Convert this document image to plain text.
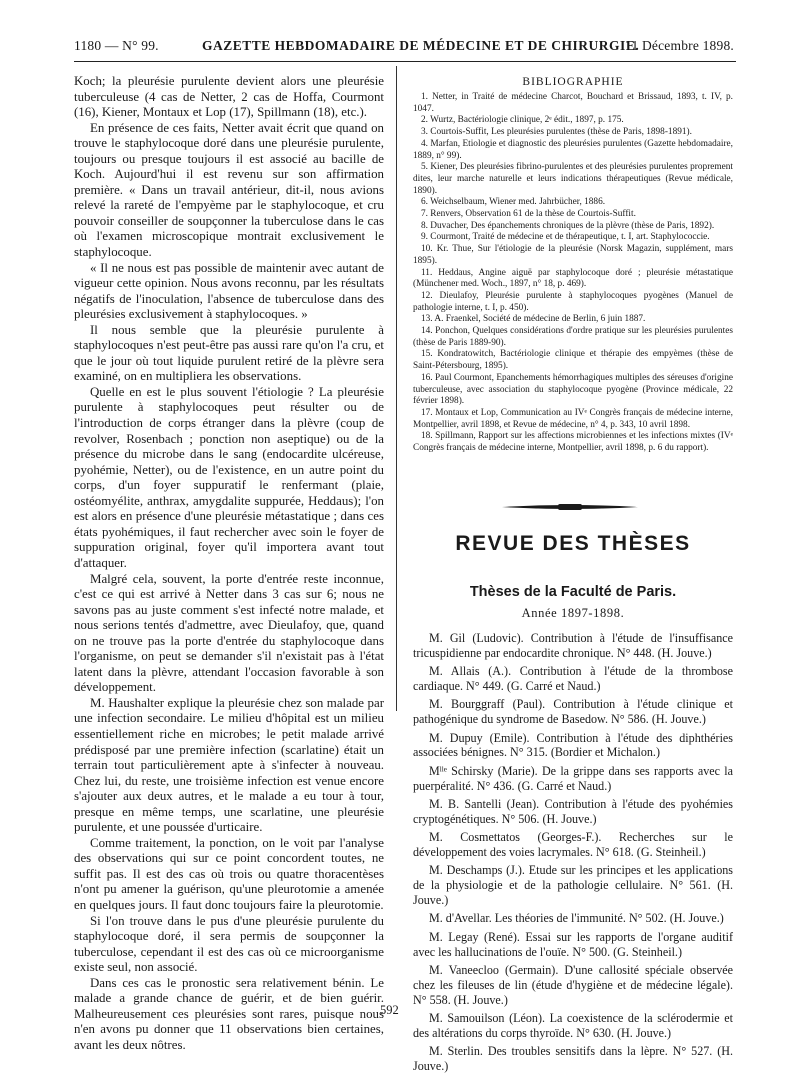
1180 — N° 99.	GAZETTE HEBDOMADAIRE DE MÉDECINE ET DE CHIRURGIE.
11 Décembre 1898.

Koch; la pleurésie purulente devient alors une pleurésie tuberculeuse (4 cas de Netter, 2 cas de Hoffa, Courmont (16), Kiener, Montaux et Lop (17), Spillmann (18), etc.).

En présence de ces faits, Netter avait écrit que quand on trouve le staphylocoque doré dans une pleurésie purulente, toujours ou presque toujours il est associé au bacille de Koch. Aujourd'hui il est revenu sur son affirmation première. « Dans un travail antérieur, dit-il, nous avions relevé la rareté de l'empyème par le staphylocoque, et cru pouvoir conseiller de soupçonner la tuberculose dans le cas où l'examen microscopique montrait exclusivement le staphylocoque.

« Il ne nous est pas possible de maintenir avec autant de vigueur cette opinion. Nous avons reconnu, par les résultats négatifs de l'inoculation, l'absence de tuberculose dans des pleurésies exclusivement à staphylocoques. »

Il nous semble que la pleurésie purulente à staphylocoques n'est peut-être pas aussi rare qu'on l'a cru, et que le jour où tout liquide purulent retiré de la plèvre sera examiné, on en multipliera les observations.

Quelle en est le plus souvent l'étiologie ? La pleurésie purulente à staphylocoques peut résulter ou de l'introduction de corps étranger dans la plèvre (coup de revolver, Rosenbach ; ponction non aseptique) ou de la présence du microbe dans le sang (endocardite ulcéreuse, pyohémie, Netter), ou de l'existence, en un autre point du corps, d'un foyer suppuratif le renfermant (plaie, ostéomyélite, anthrax, amygdalite suppurée, Heddaus); l'on est alors en présence d'une pleurésie métastatique ; dans ces états pyohémiques, il faut rechercher avec soin le foyer de suppuration original, foyer qu'il importera avant tout d'attaquer.

Malgré cela, souvent, la porte d'entrée reste inconnue, c'est ce qui est arrivé à Netter dans 3 cas sur 6; nous ne savons pas au juste comment s'est infecté notre malade, et nous serions tentés d'admettre, avec Dieulafoy, que, quand on ne trouve pas la porte d'entrée du staphylocoque dans l'organisme, on peut se demander s'il n'existait pas à l'état latent dans la plèvre, attendant l'occasion favorable à son développement.

M. Haushalter explique la pleurésie chez son malade par une infection secondaire. Le milieu d'hôpital est un milieu essentiellement riche en microbes; le petit malade arrivé prédisposé par une première infection (scarlatine) était un terrain tout particulièrement apte à s'infecter à nouveau. Chez lui, du reste, une troisième infection est venue encore s'ajouter aux deux autres, et le malade a eu tour à tour, presque en même temps, une scarlatine, une pleurésie purulente, et une poussée d'urticaire.

Comme traitement, la ponction, on le voit par l'analyse des observations qui sur ce point concordent toutes, ne suffit pas. Il est des cas où trois ou quatre thoracentèses n'ont pu amener la guérison, qu'une pleurotomie a amenée en quelques jours. Il faut donc toujours faire la pleurotomie.

Si l'on trouve dans le pus d'une pleurésie purulente du staphylocoque doré, il sera permis de soupçonner la tuberculose, cependant il est des cas où ce microorganisme existe seul, non associé.

Dans ces cas le pronostic sera relativement bénin. Le malade a grande chance de guérir, et de bien guérir. Malheureusement ces pleurésies sont rares, puisque nous n'en avons pu donner que 11 observations bien certaines, avant les deux nôtres.

BIBLIOGRAPHIE
1. Netter, in Traité de médecine Charcot, Bouchard et Brissaud, 1893, t. IV, p. 1047.
2. Wurtz, Bactériologie clinique, 2ᵉ édit., 1897, p. 175.
3. Courtois-Suffit, Les pleurésies purulentes (thèse de Paris, 1898-1891).
4. Marfan, Etiologie et diagnostic des pleurésies purulentes (Gazette hebdomadaire, 1889, n° 99).
5. Kiener, Des pleurésies fibrino-purulentes et des pleurésies purulentes proprement dites, leur marche naturelle et leurs indications thérapeutiques (Revue médicale, 1890).
6. Weichselbaum, Wiener med. Jahrbücher, 1886.
7. Renvers, Observation 61 de la thèse de Courtois-Suffit.
8. Duvacher, Des épanchements chroniques de la plèvre (thèse de Paris, 1892).
9. Courmont, Traité de médecine et de thérapeutique, t. I, art. Staphylococcie.
10. Kr. Thue, Sur l'étiologie de la pleurésie (Norsk Magazin, supplément, mars 1895).
11. Heddaus, Angine aiguë par staphylocoque doré ; pleurésie métastatique (Münchener med. Woch., 1897, n° 18, p. 469).
12. Dieulafoy, Pleurésie purulente à staphylocoques pyogènes (Manuel de pathologie interne, t. I, p. 450).
13. A. Fraenkel, Société de médecine de Berlin, 6 juin 1887.
14. Ponchon, Quelques considérations d'ordre pratique sur les pleurésies purulentes (thèse de Paris 1889-90).
15. Kondratowitch, Bactériologie clinique et thérapie des empyèmes (thèse de Saint-Pétersbourg, 1895).
16. Paul Courmont, Epanchements hémorrhagiques multiples des séreuses d'origine tuberculeuse, avec association du staphylocoque pyogène (Province médicale, 22 février 1898).
17. Montaux et Lop, Communication au IVᵉ Congrès français de médecine interne, Montpellier, avril 1898, et Revue de médecine, n° 4, p. 343, 10 avril 1898.
18. Spillmann, Rapport sur les affections microbiennes et les infections mixtes (IVᵉ Congrès français de médecine interne, Montpellier, avril 1898, p. 6 du rapport).
REVUE DES THÈSES
Thèses de la Faculté de Paris.
Année 1897-1898.
M. Gil (Ludovic). Contribution à l'étude de l'insuffisance tricuspidienne par endocardite chronique. N° 448. (H. Jouve.)
M. Allais (A.). Contribution à l'étude de la thrombose cardiaque. N° 449. (G. Carré et Naud.)
M. Bourggraff (Paul). Contribution à l'étude clinique et pathogénique du syndrome de Basedow. N° 586. (H. Jouve.)
M. Dupuy (Emile). Contribution à l'étude des diphthéries associées bénignes. N° 315. (Bordier et Michalon.)
Mˡˡᵉ Schirsky (Marie). De la grippe dans ses rapports avec la puerpéralité. N° 436. (G. Carré et Naud.)
M. B. Santelli (Jean). Contribution à l'étude des pyohémies cryptogénétiques. N° 506. (H. Jouve.)
M. Cosmettatos (Georges-F.). Recherches sur le développement des voies lacrymales. N° 618. (G. Steinheil.)
M. Deschamps (J.). Etude sur les principes et les applications de la physiologie et de la pathologie cellulaire. N° 561. (H. Jouve.)
M. d'Avellar. Les théories de l'immunité. N° 502. (H. Jouve.)
M. Legay (René). Essai sur les rapports de l'organe auditif avec les hallucinations de l'ouïe. N° 500. (G. Steinheil.)
M. Vaneecloo (Germain). D'une callosité spéciale observée chez les fileuses de lin (étude d'hygiène et de médecine légale). N° 558. (H. Jouve.)
M. Samouilson (Léon). La coexistence de la sclérodermie et des altérations du corps thyroïde. N° 630. (H. Jouve.)
M. Sterlin. Des troubles sensitifs dans la lèpre. N° 527. (H. Jouve.)
592
